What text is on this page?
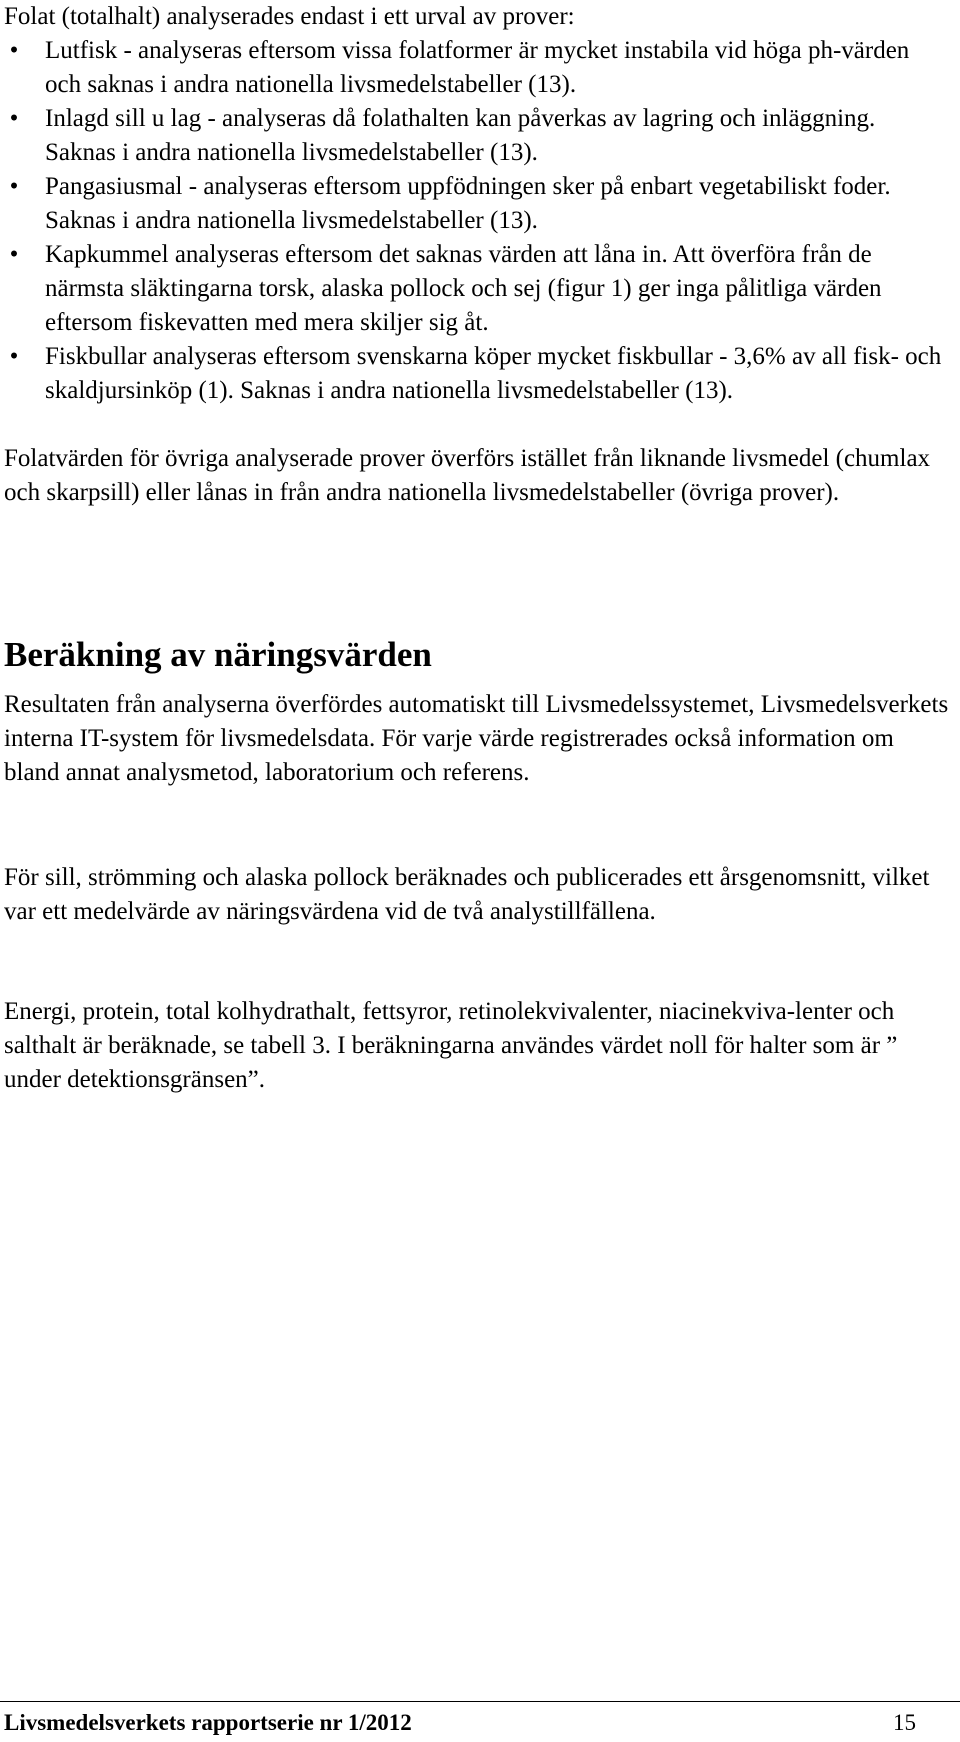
Folat (totalhalt) analyserades endast i ett urval av prover:

• Lutfisk - analyseras eftersom vissa folatformer är mycket instabila vid höga ph-värden och saknas i andra nationella livsmedelstabeller (13).
• Inlagd sill u lag - analyseras då folathalten kan påverkas av lagring och inläggning. Saknas i andra nationella livsmedelstabeller (13).
• Pangasiusmal - analyseras eftersom uppfödningen sker på enbart vegetabiliskt foder. Saknas i andra nationella livsmedelstabeller (13).
• Kapkummel analyseras eftersom det saknas värden att låna in. Att överföra från de närmsta släktingarna torsk, alaska pollock och sej (figur 1) ger inga pålitliga värden eftersom fiskevatten med mera skiljer sig åt.
• Fiskbullar analyseras eftersom svenskarna köper mycket fiskbullar - 3,6% av all fisk- och skaldjursinköp (1). Saknas i andra nationella livsmedelstabeller (13).

Folatvärden för övriga analyserade prover överförs istället från liknande livsmedel (chumlax och skarpsill) eller lånas in från andra nationella livsmedelstabeller (övriga prover).

Beräkning av näringsvärden

Resultaten från analyserna överfördes automatiskt till Livsmedelssystemet, Livsmedelsverkets interna IT-system för livsmedelsdata. För varje värde registrerades också information om bland annat analysmetod, laboratorium och referens.

För sill, strömming och alaska pollock beräknades och publicerades ett årsgenomsnitt, vilket var ett medelvärde av näringsvärdena vid de två analystillfällena.

Energi, protein, total kolhydrathalt, fettsyror, retinolekvivalenter, niacinekviva-lenter och salthalt är beräknade, se tabell 3. I beräkningarna användes värdet noll för halter som är ” under detektionsgränsen”.

Livsmedelsverkets rapportserie nr 1/2012	15
